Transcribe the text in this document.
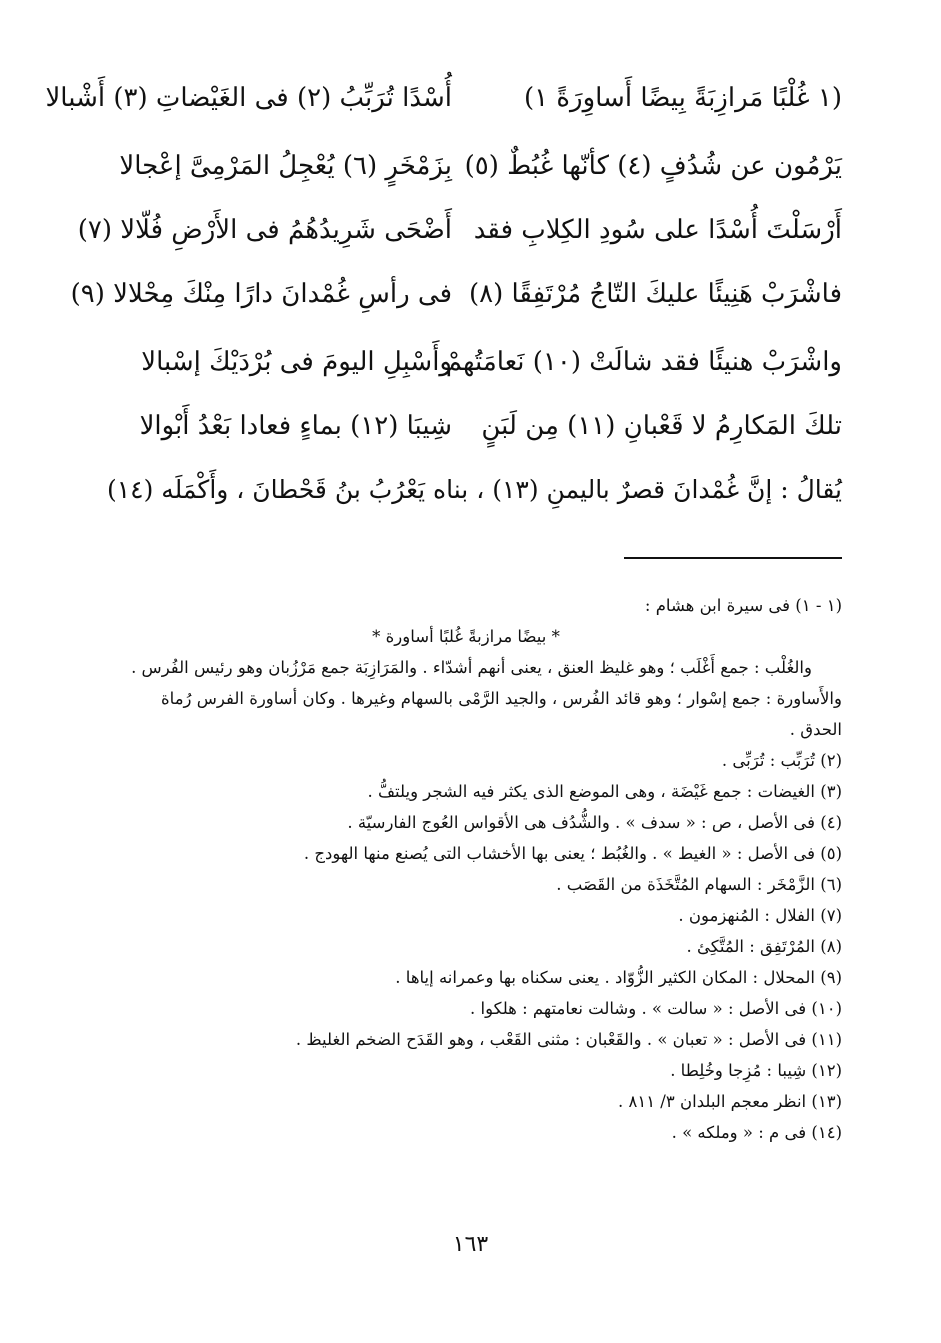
(١ غُلْبًا مَرازِبَةً بِيضًا أَساوِرَةً ١)
أُسْدًا تُرَبِّبُ (٢) فى الغَيْضاتِ (٣) أَشْبالا
يَرْمُون عن شُدُفٍ (٤) كأنّها غُبُطٌ (٥)
بِزَمْخَرٍ (٦) يُعْجِلُ المَرْمِىَّ إعْجالا
أَرْسَلْتَ أُسْدًا على سُودِ الكِلابِ فقد
أَضْحَى شَرِيدُهُمُ فى الأَرْضِ فُلّالا (٧)
فاشْرَبْ هَنِيئًا عليكَ التّاجُ مُرْتَفِقًا (٨)
فى رأسِ غُمْدانَ دارًا مِنْكَ مِحْلالا (٩)
واشْرَبْ هنيئًا فقد شالَتْ (١٠) نَعامَتُهمْ
وأَسْبِلِ اليومَ فى بُرْدَيْكَ إسْبالا
تلكَ المَكارِمُ لا قَعْبانِ (١١) مِن لَبَنٍ
شِيبَا (١٢) بماءٍ فعادا بَعْدُ أَبْوالا
يُقالُ : إنَّ غُمْدانَ قصرٌ باليمنِ (١٣) ، بناه يَعْرُبُ بنُ قَحْطانَ ، وأَكْمَلَه (١٤)
(١ - ١) فى سيرة ابن هشام :
* بيضًا مرازبةً غُلبًا أساورة *
والغُلْب : جمع أَغْلَب ؛ وهو غليظ العنق ، يعنى أنهم أشدّاء . والمَرَازِبَة جمع مَرْزُبان وهو رئيس الفُرس . والأَساورة : جمع إسْوار ؛ وهو قائد الفُرس ، والجيد الرَّمْى بالسهام وغيرها . وكان أساورة الفرس رُماة الحدق .
(٢) تُرَبِّب : تُرَبِّى .
(٣) الغيضات : جمع غَيْضَة ، وهى الموضع الذى يكثر فيه الشجر ويلتفُّ .
(٤) فى الأصل ، ص : « سدف » . والشُّدُف هى الأقواس العُوج الفارسيّة .
(٥) فى الأصل : « الغيط » . والغُبُط ؛ يعنى بها الأخشاب التى يُصنع منها الهودج .
(٦) الزَّمْخَر : السهام المُتَّخَذَة من القَصَب .
(٧) الفلال : المُنهزمون .
(٨) المُرْتَفِق : المُتَّكِئ .
(٩) المحلال : المكان الكثير الزُّوّاد . يعنى سكناه بها وعمرانه إياها .
(١٠) فى الأصل : « سالت » . وشالت نعامتهم : هلكوا .
(١١) فى الأصل : « تعبان » . والقَعْبان : مثنى القَعْب ، وهو القَدَح الضخم الغليظ .
(١٢) شِيبا : مُزِجا وخُلِطا .
(١٣) انظر معجم البلدان ٣/ ٨١١ .
(١٤) فى م : « وملكه » .
١٦٣
